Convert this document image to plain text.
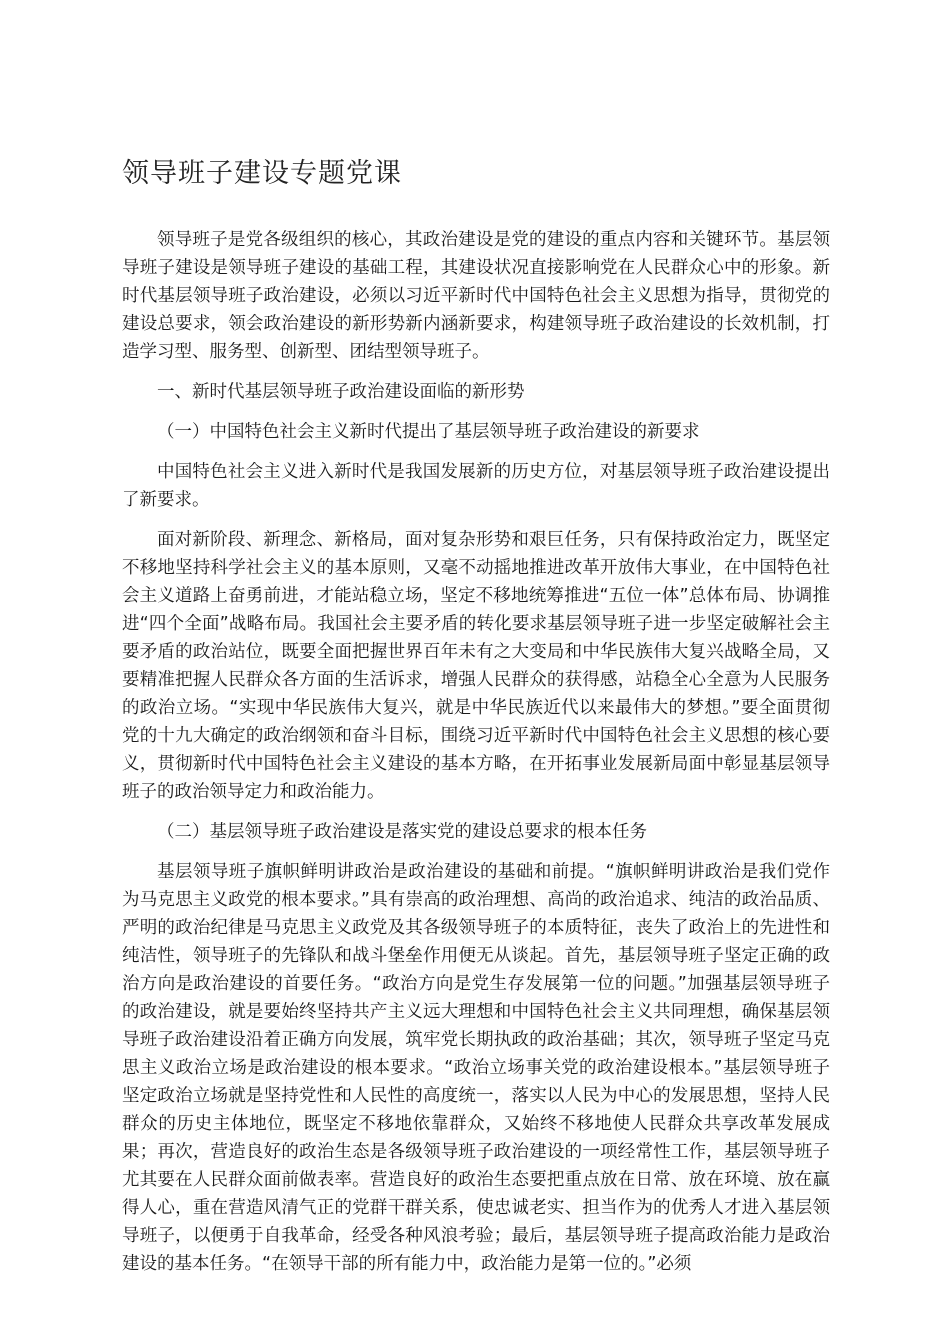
领导班子建设专题党课

领导班子是党各级组织的核心，其政治建设是党的建设的重点内容和关键环节。基层领导班子建设是领导班子建设的基础工程，其建设状况直接影响党在人民群众心中的形象。新时代基层领导班子政治建设，必须以习近平新时代中国特色社会主义思想为指导，贯彻党的建设总要求，领会政治建设的新形势新内涵新要求，构建领导班子政治建设的长效机制，打造学习型、服务型、创新型、团结型领导班子。

一、新时代基层领导班子政治建设面临的新形势

（一）中国特色社会主义新时代提出了基层领导班子政治建设的新要求

中国特色社会主义进入新时代是我国发展新的历史方位，对基层领导班子政治建设提出了新要求。

面对新阶段、新理念、新格局，面对复杂形势和艰巨任务，只有保持政治定力，既坚定不移地坚持科学社会主义的基本原则，又毫不动摇地推进改革开放伟大事业，在中国特色社会主义道路上奋勇前进，才能站稳立场，坚定不移地统筹推进“五位一体”总体布局、协调推进“四个全面”战略布局。我国社会主要矛盾的转化要求基层领导班子进一步坚定破解社会主要矛盾的政治站位，既要全面把握世界百年未有之大变局和中华民族伟大复兴战略全局，又要精准把握人民群众各方面的生活诉求，增强人民群众的获得感，站稳全心全意为人民服务的政治立场。“实现中华民族伟大复兴，就是中华民族近代以来最伟大的梦想。”要全面贯彻党的十九大确定的政治纲领和奋斗目标，围绕习近平新时代中国特色社会主义思想的核心要义，贯彻新时代中国特色社会主义建设的基本方略，在开拓事业发展新局面中彰显基层领导班子的政治领导定力和政治能力。

（二）基层领导班子政治建设是落实党的建设总要求的根本任务

基层领导班子旗帜鲜明讲政治是政治建设的基础和前提。“旗帜鲜明讲政治是我们党作为马克思主义政党的根本要求。”具有崇高的政治理想、高尚的政治追求、纯洁的政治品质、严明的政治纪律是马克思主义政党及其各级领导班子的本质特征，丧失了政治上的先进性和纯洁性，领导班子的先锋队和战斗堡垒作用便无从谈起。首先，基层领导班子坚定正确的政治方向是政治建设的首要任务。“政治方向是党生存发展第一位的问题。”加强基层领导班子的政治建设，就是要始终坚持共产主义远大理想和中国特色社会主义共同理想，确保基层领导班子政治建设沿着正确方向发展，筑牢党长期执政的政治基础；其次，领导班子坚定马克思主义政治立场是政治建设的根本要求。“政治立场事关党的政治建设根本。”基层领导班子坚定政治立场就是坚持党性和人民性的高度统一，落实以人民为中心的发展思想，坚持人民群众的历史主体地位，既坚定不移地依靠群众，又始终不移地使人民群众共享改革发展成果；再次，营造良好的政治生态是各级领导班子政治建设的一项经常性工作，基层领导班子尤其要在人民群众面前做表率。营造良好的政治生态要把重点放在日常、放在环境、放在赢得人心，重在营造风清气正的党群干群关系，使忠诚老实、担当作为的优秀人才进入基层领导班子，以便勇于自我革命，经受各种风浪考验；最后，基层领导班子提高政治能力是政治建设的基本任务。“在领导干部的所有能力中，政治能力是第一位的。”必须
